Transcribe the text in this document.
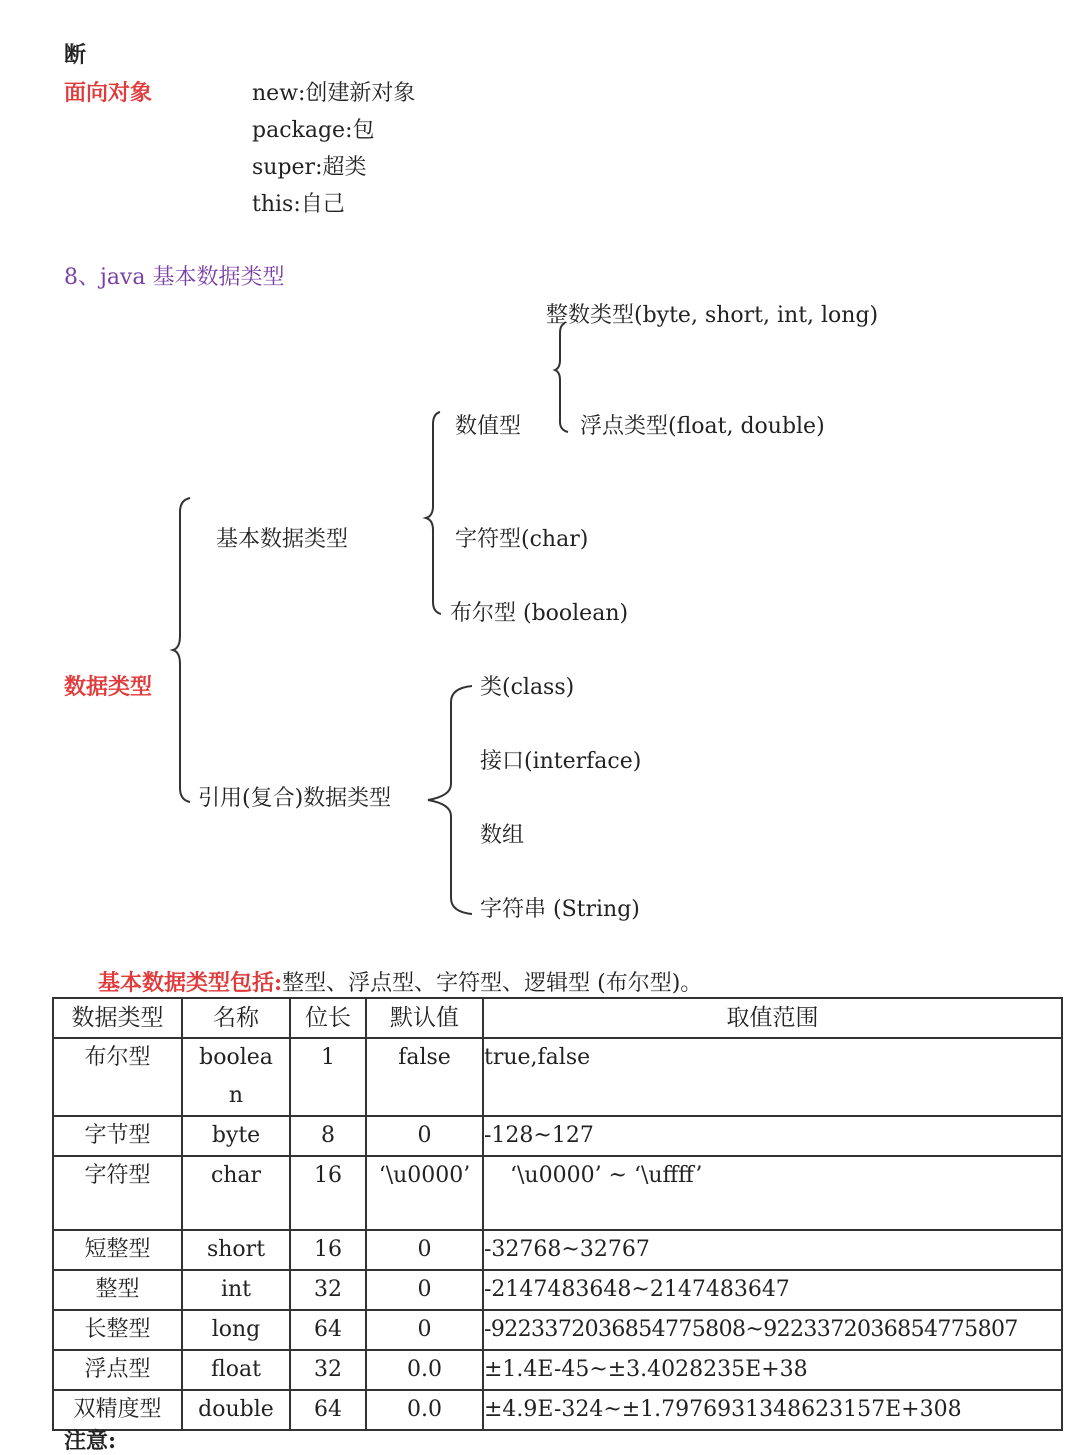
断
面向对象	new:创建新对象
package:包
super:超类
this:自己
8、java 基本数据类型
数据类型
基本数据类型
数值型
整数类型(byte, short, int, long)
浮点类型(float, double)
字符型(char)
布尔型 (boolean)
引用(复合)数据类型
类(class)
接口(interface)
数组
字符串 (String)
基本数据类型包括:整型、浮点型、字符型、逻辑型 (布尔型)。
数据类型	名称	位长	默认值	取值范围
布尔型	boolean	1	false	true,false
字节型	byte	8	0	-128~127
字符型	char	16	‘\u0000’	‘\u0000’ ~ ‘\uffff’
短整型	short	16	0	-32768~32767
整型	int	32	0	-2147483648~2147483647
长整型	long	64	0	-9223372036854775808~9223372036854775807
浮点型	float	32	0.0	±1.4E-45~±3.4028235E+38
双精度型	double	64	0.0	±4.9E-324~±1.7976931348623157E+308
注意:
